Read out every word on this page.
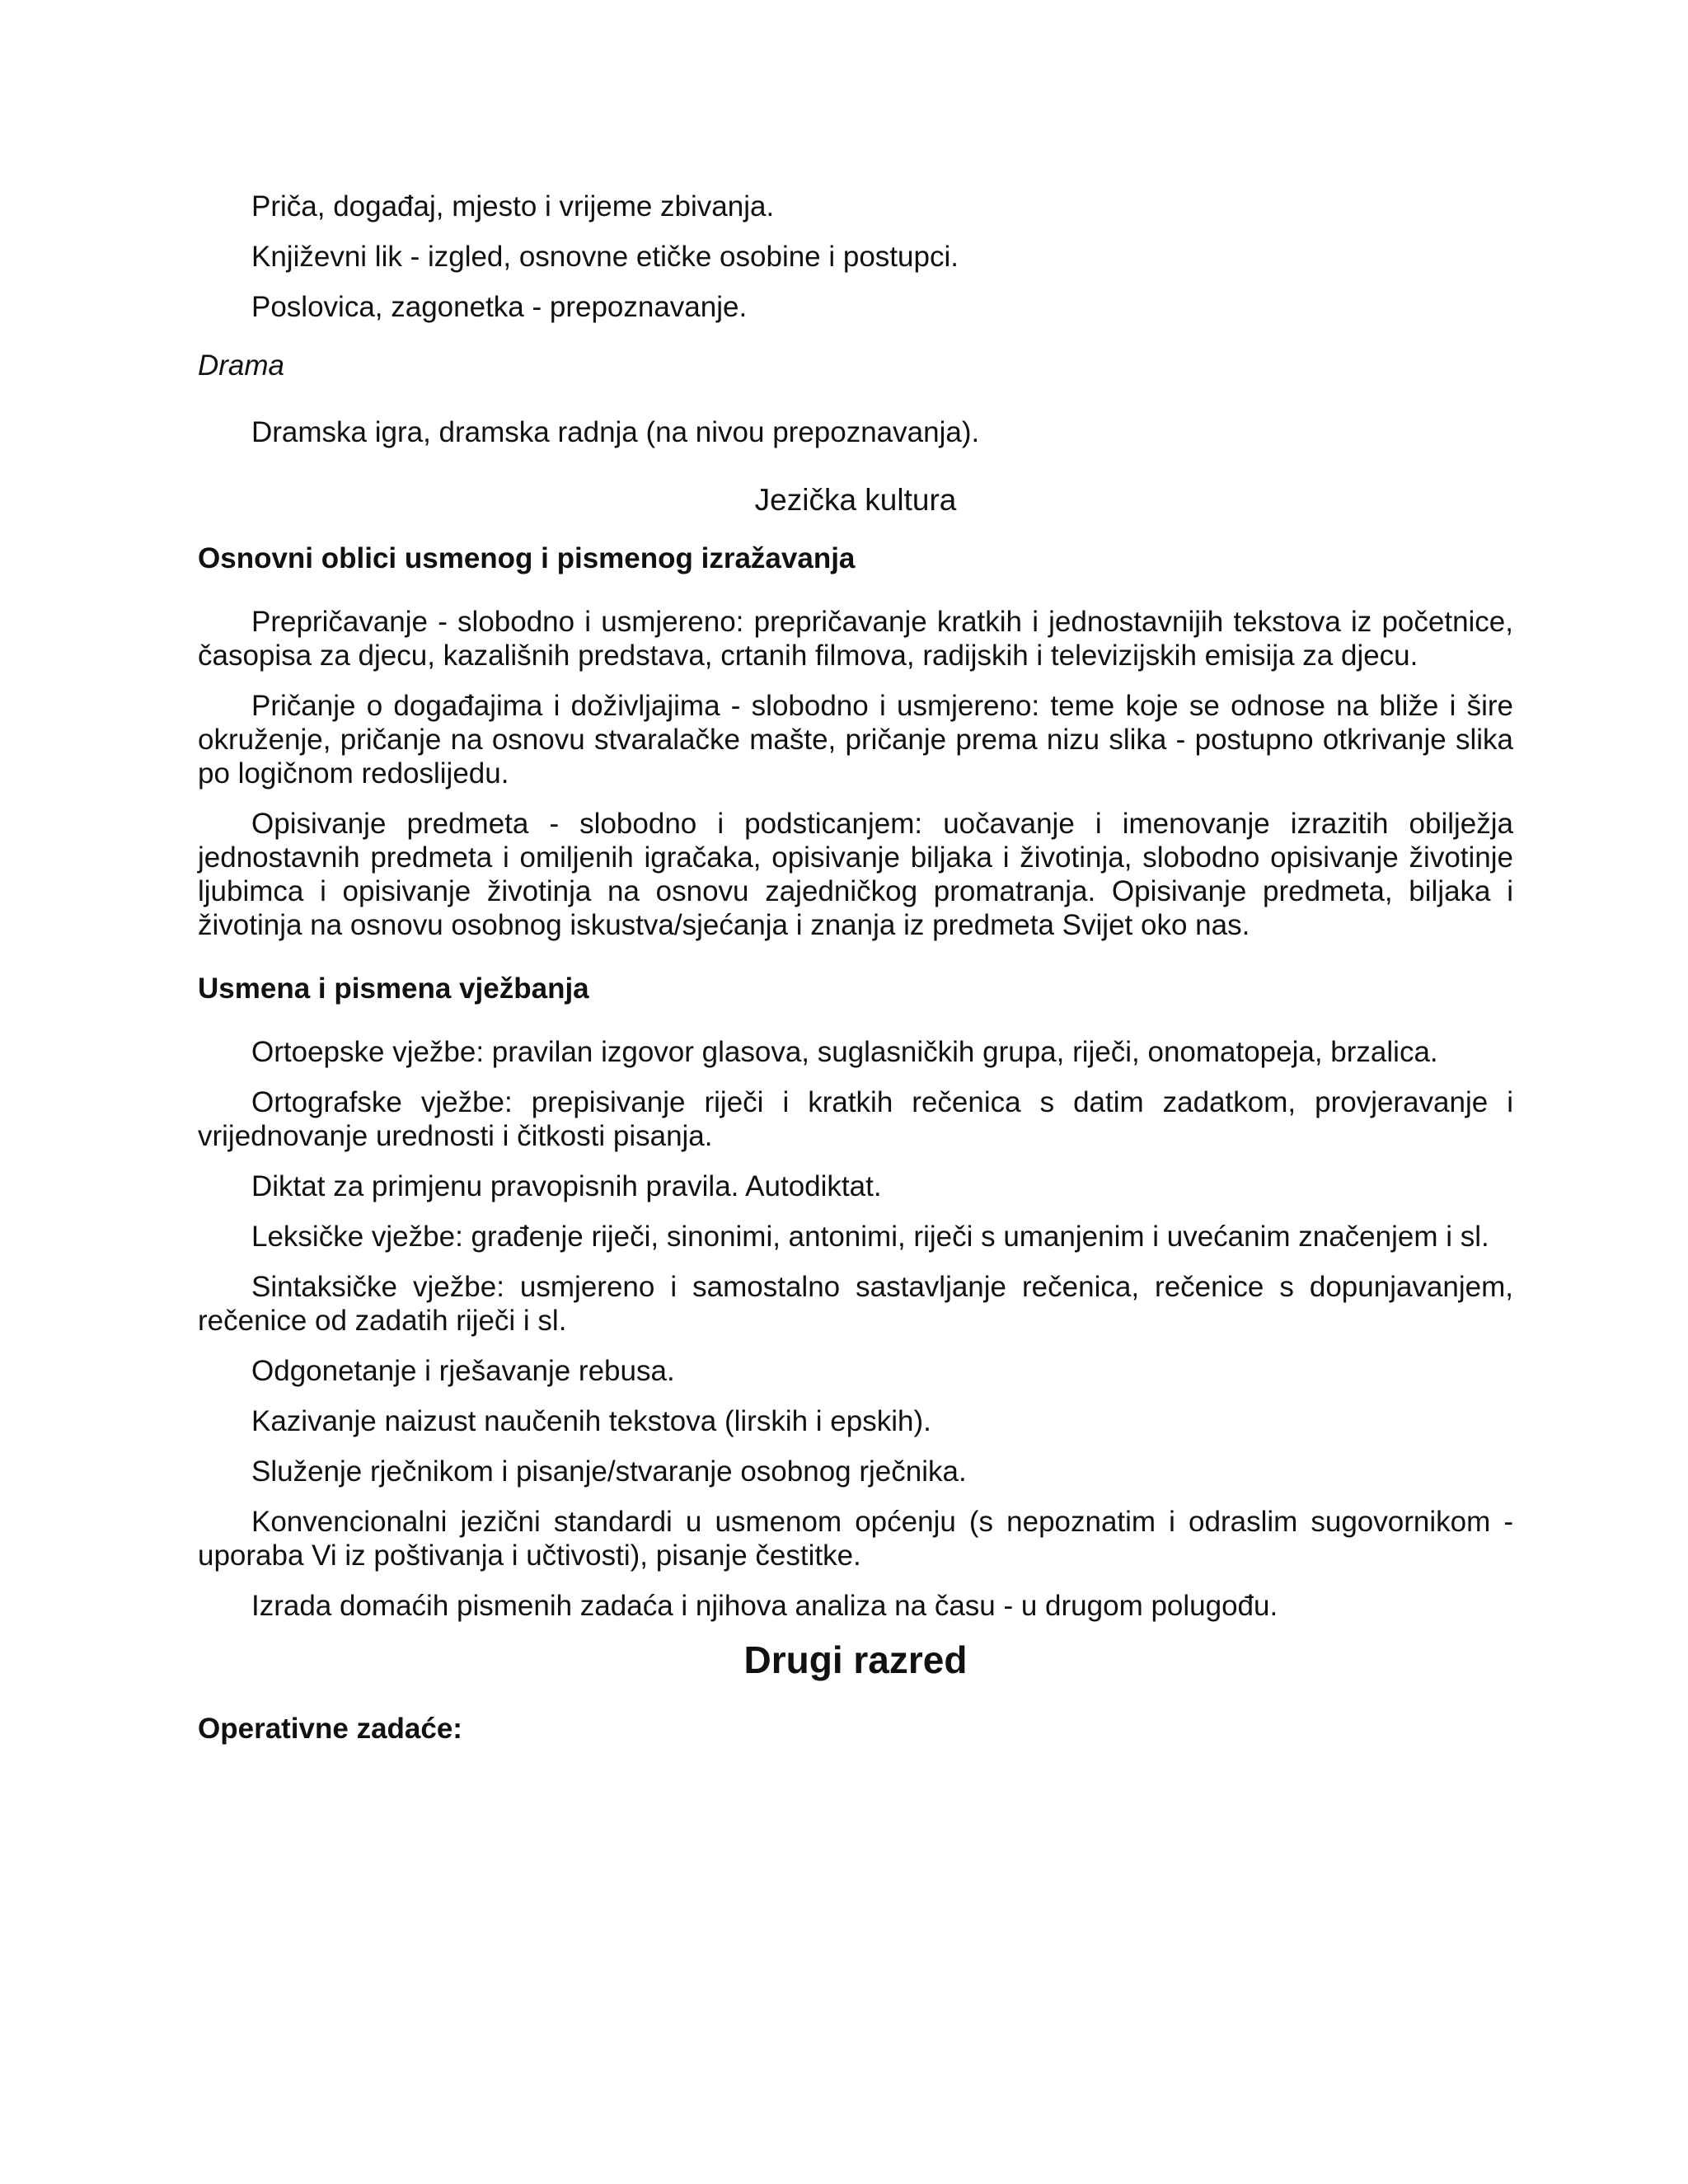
Priča, događaj, mjesto i vrijeme zbivanja.

Književni lik - izgled, osnovne etičke osobine i postupci.

Poslovica, zagonetka - prepoznavanje.

Drama

Dramska igra, dramska radnja (na nivou prepoznavanja).

Jezička kultura
Osnovni oblici usmenog i pismenog izražavanja

Prepričavanje - slobodno i usmjereno: prepričavanje kratkih i jednostavnijih tekstova iz početnice, časopisa za djecu, kazališnih predstava, crtanih filmova, radijskih i televizijskih emisija za djecu.

Pričanje o događajima i doživljajima - slobodno i usmjereno: teme koje se odnose na bliže i šire okruženje, pričanje na osnovu stvaralačke mašte, pričanje prema nizu slika - postupno otkrivanje slika po logičnom redoslijedu.

Opisivanje predmeta - slobodno i podsticanjem: uočavanje i imenovanje izrazitih obilježja jednostavnih predmeta i omiljenih igračaka, opisivanje biljaka i životinja, slobodno opisivanje životinje ljubimca i opisivanje životinja na osnovu zajedničkog promatranja. Opisivanje predmeta, biljaka i životinja na osnovu osobnog iskustva/sjećanja i znanja iz predmeta Svijet oko nas.

Usmena i pismena vježbanja

Ortoepske vježbe: pravilan izgovor glasova, suglasničkih grupa, riječi, onomatopeja, brzalica.

Ortografske vježbe: prepisivanje riječi i kratkih rečenica s datim zadatkom, provjeravanje i vrijednovanje urednosti i čitkosti pisanja.

Diktat za primjenu pravopisnih pravila. Autodiktat.

Leksičke vježbe: građenje riječi, sinonimi, antonimi, riječi s umanjenim i uvećanim značenjem i sl.

Sintaksičke vježbe: usmjereno i samostalno sastavljanje rečenica, rečenice s dopunjavanjem, rečenice od zadatih riječi i sl.

Odgonetanje i rješavanje rebusa.

Kazivanje naizust naučenih tekstova (lirskih i epskih).

Služenje rječnikom i pisanje/stvaranje osobnog rječnika.

Konvencionalni jezični standardi u usmenom općenju (s nepoznatim i odraslim sugovornikom - uporaba Vi iz poštivanja i učtivosti), pisanje čestitke.

Izrada domaćih pismenih zadaća i njihova analiza na času - u drugom polugođu.

Drugi razred
Operativne zadaće:
